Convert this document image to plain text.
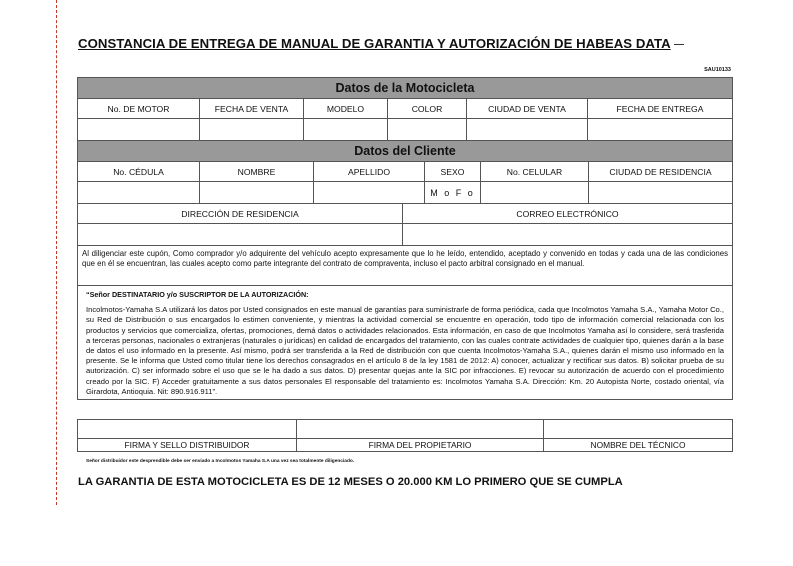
CONSTANCIA DE ENTREGA DE MANUAL DE GARANTIA Y AUTORIZACIÓN DE HABEAS DATA
SAU10133
Datos de la Motocicleta
No. DE MOTOR	FECHA DE VENTA	MODELO	COLOR	CIUDAD DE VENTA	FECHA DE ENTREGA
Datos del Cliente
No. CÉDULA	NOMBRE	APELLIDO	SEXO	No. CELULAR	CIUDAD DE RESIDENCIA
M o F o
DIRECCIÓN DE RESIDENCIA	CORREO ELECTRÓNICO
Al diligenciar este cupón, Como comprador y/o adquirente del vehículo acepto expresamente que lo he leído, entendido, aceptado y convenido en todas y cada una de las condiciones que en él se encuentran, las cuales acepto como parte integrante del contrato de compraventa, incluso el pacto arbitral consignado en el manual.
“Señor DESTINATARIO y/o SUSCRIPTOR DE LA AUTORIZACIÓN:
Incolmotos-Yamaha S.A utilizará los datos por Usted consignados en este manual de garantías para suministrarle de forma periódica, cada que Incolmotos Yamaha S.A., Yamaha Motor Co., su Red de Distribución o sus encargados lo estimen conveniente, y mientras la actividad comercial se encuentre en operación, todo tipo de información comercial relacionada con los productos y servicios que comercializa, ofertas, promociones, demá datos o actividades relacionados. Esta información, en caso de que Incolmotos Yamaha así lo considere, será trasferida a terceras personas, nacionales o extranjeras (naturales o jurídicas) en calidad de encargados del tratamiento, con las cuales contrate actividades de cualquier tipo, quienes darán a la base de datos el uso informado en la presente. Así mismo, podrá ser transferida a la Red de distribución con que cuenta Incolmotos-Yamaha S.A., quienes darán el mismo uso informado en la presente. Se le informa que Usted como titular tiene los derechos consagrados en el artículo 8 de la ley 1581 de 2012: A) conocer, actualizar y rectificar sus datos. B) solicitar prueba de su autorización. C) ser informado sobre el uso que se le ha dado a sus datos. D) presentar quejas ante la SIC por infracciones. E) revocar su autorización de acuerdo con el procedimiento creado por la SIC. F) Acceder gratuitamente a sus datos personales El responsable del tratamiento es: Incolmotos Yamaha S.A. Dirección: Km. 20 Autopista Norte, costado oriental, vía Girardota, Antioquia. Nit: 890.916.911”.
FIRMA Y SELLO DISTRIBUIDOR	FIRMA DEL PROPIETARIO	NOMBRE DEL TÉCNICO
Señor distribuidor este desprendible debe ser enviado a Incolmotos Yamaha S.A una vez sea totalmente diligenciado.
LA GARANTIA DE ESTA MOTOCICLETA ES DE 12 MESES O 20.000 KM LO PRIMERO QUE SE CUMPLA
